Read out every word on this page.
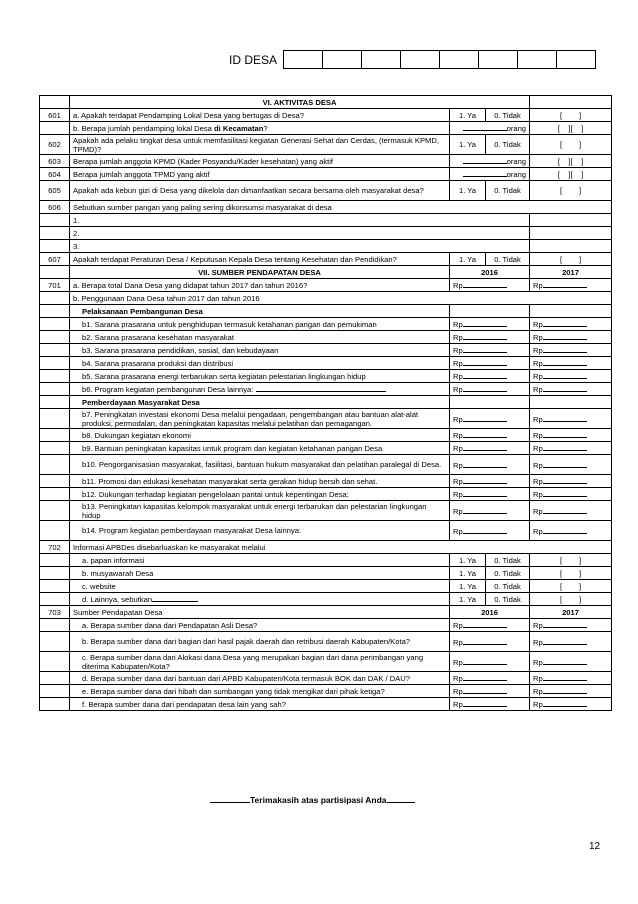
ID DESA
	VI. AKTIVITAS DESA			
601	a. Apakah terdapat Pendamping Lokal Desa yang bertugas di Desa?	1. Ya	0. Tidak	[ ]
	b. Berapa jumlah pendamping lokal Desa di Kecamatan?	orang		[ ][ ]
602	Apakah ada pelaku tingkat desa untuk memfasilitasi kegiatan Generasi Sehat dan Cerdas, (termasuk KPMD, TPMD)?	1. Ya	0. Tidak	[ ]
603	Berapa jumlah anggota KPMD (Kader Posyandu/Kader kesehatan) yang aktif	orang		[ ][ ]
604	Berapa jumlah anggota TPMD yang aktif	orang		[ ][ ]
605	Apakah ada kebun gizi di Desa yang dikelola dan dimanfaatkan secara bersama oleh masyarakat desa?	1. Ya	0. Tidak	[ ]
606	Sebutkan sumber pangan yang paling sering dikonsumsi masyarakat di desa			
	1.			
	2.			
	3.			
607	Apakah terdapat Peraturan Desa / Keputusan Kepala Desa tentang Kesehatan dan Pendidikan?	1. Ya	0. Tidak	[ ]
	VII. SUMBER PENDAPATAN DESA	2016		2017
701	a. Berapa total Dana Desa yang didapat tahun 2017 dan tahun 2016?	Rp		Rp
	b. Penggunaan Dana Desa tahun 2017 dan tahun 2016			
	Pelaksanaan Pembangunan Desa			
	b1. Sarana prasarana untuk penghidupan termasuk ketahanan pangan dan pemukiman	Rp		Rp
	b2. Sarana prasarana kesehatan masyarakat	Rp		Rp
	b3. Sarana prasarana pendidikan, sosial, dan kebudayaan	Rp		Rp
	b4. Sarana prasarana produksi dan distribusi	Rp		Rp
	b5. Sarana prasarana energi terbarukan serta kegiatan pelestarian lingkungan hidup	Rp		Rp
	b6. Program kegiatan pembangunan Desa lainnya:	Rp		Rp
	Pemberdayaan Masyarakat Desa			
	b7. Peningkatan investasi ekonomi Desa melalui pengadaan, pengembangan atau bantuan alat-alat produksi, permodalan, dan peningkatan kapasitas melalui pelatihan dan pemagangan.	Rp		Rp
	b8. Dukungan kegiatan ekonomi	Rp		Rp
	b9. Bantuan peningkatan kapasitas untuk program dan kegiatan ketahanan pangan Desa	Rp		Rp
	b10. Pengorganisasian masyarakat, fasilitasi, bantuan hukum masyarakat dan pelatihan paralegal di Desa.	Rp		Rp
	b11. Promosi dan edukasi kesehatan masyarakat serta gerakan hidup bersih dan sehat.	Rp		Rp
	b12. Dukungan terhadap kegiatan pengelolaan pantai untuk kepentingan Desa;	Rp		Rp
	b13. Peningkatan kapasitas kelompok masyarakat untuk energi terbarukan dan pelestarian lingkungan hidup	Rp		Rp
	b14. Program kegiatan pemberdayaan masyarakat Desa lainnya:	Rp		Rp
702	Informasi APBDes disebarluaskan ke masyarakat melalui			
	a. papan informasi	1. Ya	0. Tidak	[ ]
	b. musyawarah Desa	1. Ya	0. Tidak	[ ]
	c. website	1. Ya	0. Tidak	[ ]
	d. Lainnya, sebutkan	1. Ya	0. Tidak	[ ]
703	Sumber Pendapatan Desa	2016		2017
	a. Berapa sumber dana dari Pendapatan Asli Desa?	Rp		Rp
	b. Berapa sumber dana dari bagian dari hasil pajak daerah dan retribusi daerah Kabupaten/Kota?	Rp		Rp
	c. Berapa sumber dana dari Alokasi dana Desa yang merupakan bagian dari dana perimbangan yang diterima Kabupaten/Kota?	Rp		Rp
	d. Berapa sumber dana dari bantuan dari APBD Kabupaten/Kota termasuk BOK dan DAK / DAU?	Rp		Rp
	e. Berapa sumber dana dari hibah dan sumbangan yang tidak mengikat dari pihak ketiga?	Rp		Rp
	f. Berapa sumber dana dari pendapatan desa lain yang sah?	Rp		Rp
Terimakasih atas partisipasi Anda
12
